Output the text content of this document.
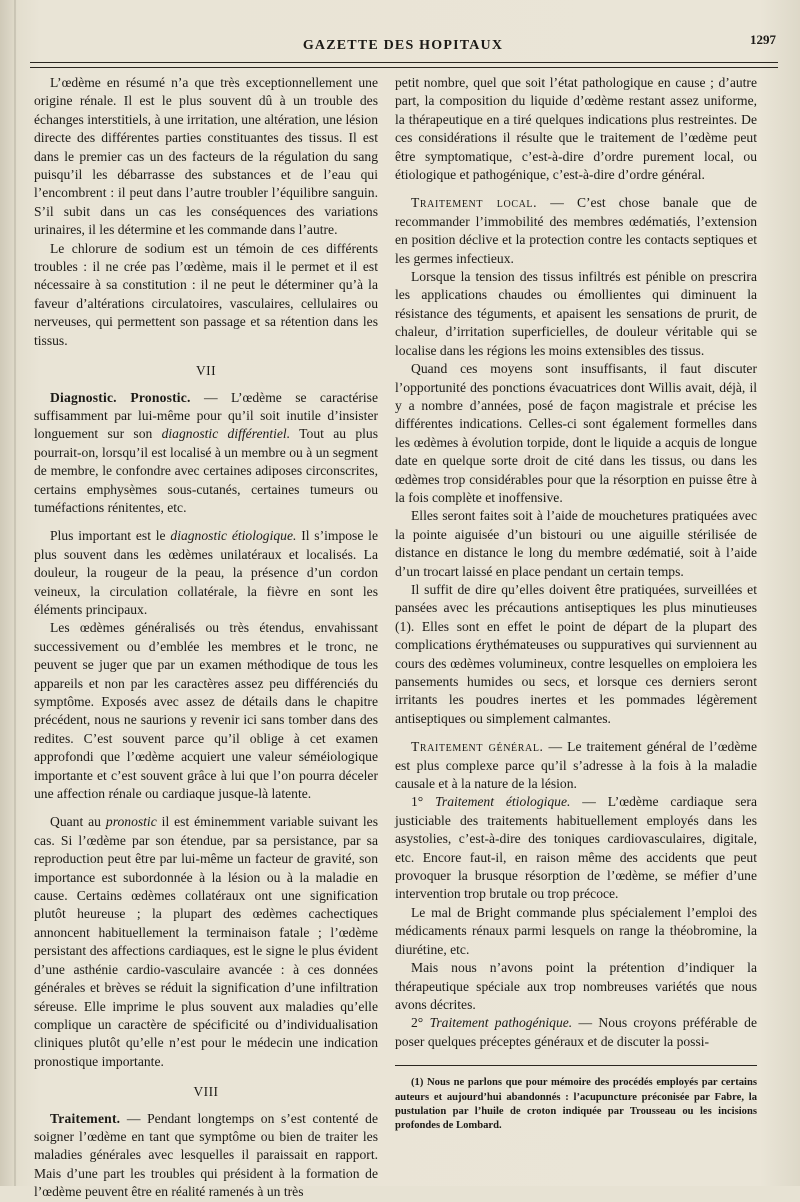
GAZETTE DES HOPITAUX	1297

L’œdème en résumé n’a que très exceptionnellement une origine rénale. Il est le plus souvent dû à un trouble des échanges interstitiels, à une irritation, une altération, une lésion directe des différentes parties constituantes des tissus. Il est dans le premier cas un des facteurs de la régulation du sang puisqu’il les débarrasse des substances et de l’eau qui l’encombrent : il peut dans l’autre troubler l’équilibre sanguin. S’il subit dans un cas les conséquences des variations urinaires, il les détermine et les commande dans l’autre.

Le chlorure de sodium est un témoin de ces différents troubles : il ne crée pas l’œdème, mais il le permet et il est nécessaire à sa constitution : il ne peut le déterminer qu’à la faveur d’altérations circulatoires, vasculaires, cellulaires ou nerveuses, qui permettent son passage et sa rétention dans les tissus.

VII

Diagnostic. Pronostic. — L’œdème se caractérise suffisamment par lui-même pour qu’il soit inutile d’insister longuement sur son diagnostic différentiel. Tout au plus pourrait-on, lorsqu’il est localisé à un membre ou à un segment de membre, le confondre avec certaines adiposes circonscrites, certains emphysèmes sous-cutanés, certaines tumeurs ou tuméfactions rénitentes, etc.

Plus important est le diagnostic étiologique. Il s’impose le plus souvent dans les œdèmes unilatéraux et localisés. La douleur, la rougeur de la peau, la présence d’un cordon veineux, la circulation collatérale, la fièvre en sont les éléments principaux.

Les œdèmes généralisés ou très étendus, envahissant successivement ou d’emblée les membres et le tronc, ne peuvent se juger que par un examen méthodique de tous les appareils et non par les caractères assez peu différenciés du symptôme. Exposés avec assez de détails dans le chapitre précédent, nous ne saurions y revenir ici sans tomber dans des redites. C’est souvent parce qu’il oblige à cet examen approfondi que l’œdème acquiert une valeur séméiologique importante et c’est souvent grâce à lui que l’on pourra déceler une affection rénale ou cardiaque jusque-là latente.

Quant au pronostic il est éminemment variable suivant les cas. Si l’œdème par son étendue, par sa persistance, par sa reproduction peut être par lui-même un facteur de gravité, son importance est subordonnée à la lésion ou à la maladie en cause. Certains œdèmes collatéraux ont une signification plutôt heureuse ; la plupart des œdèmes cachectiques annoncent habituellement la terminaison fatale ; l’œdème persistant des affections cardiaques, est le signe le plus évident d’une asthénie cardio-vasculaire avancée : à ces données générales et brèves se réduit la signification d’une infiltration séreuse. Elle imprime le plus souvent aux maladies qu’elle complique un caractère de spécificité ou d’individualisation cliniques plutôt qu’elle n’est pour le médecin une indication pronostique importante.

VIII

Traitement. — Pendant longtemps on s’est contenté de soigner l’œdème en tant que symptôme ou bien de traiter les maladies générales avec lesquelles il paraissait en rapport. Mais d’une part les troubles qui président à la formation de l’œdème peuvent être en réalité ramenés à un très

petit nombre, quel que soit l’état pathologique en cause ; d’autre part, la composition du liquide d’œdème restant assez uniforme, la thérapeutique en a tiré quelques indications plus restreintes. De ces considérations il résulte que le traitement de l’œdème peut être symptomatique, c’est-à-dire d’ordre purement local, ou étiologique et pathogénique, c’est-à-dire d’ordre général.

Traitement local. — C’est chose banale que de recommander l’immobilité des membres œdématiés, l’extension en position déclive et la protection contre les contacts septiques et les germes infectieux.

Lorsque la tension des tissus infiltrés est pénible on prescrira les applications chaudes ou émollientes qui diminuent la résistance des téguments, et apaisent les sensations de prurit, de chaleur, d’irritation superficielles, de douleur véritable qui se localise dans les régions les moins extensibles des tissus.

Quand ces moyens sont insuffisants, il faut discuter l’opportunité des ponctions évacuatrices dont Willis avait, déjà, il y a nombre d’années, posé de façon magistrale et précise les différentes indications. Celles-ci sont également formelles dans les œdèmes à évolution torpide, dont le liquide a acquis de longue date en quelque sorte droit de cité dans les tissus, ou dans les œdèmes trop considérables pour que la résorption en puisse être à la fois complète et inoffensive.

Elles seront faites soit à l’aide de mouchetures pratiquées avec la pointe aiguisée d’un bistouri ou une aiguille stérilisée de distance en distance le long du membre œdématié, soit à l’aide d’un trocart laissé en place pendant un certain temps.

Il suffit de dire qu’elles doivent être pratiquées, surveillées et pansées avec les précautions antiseptiques les plus minutieuses (1). Elles sont en effet le point de départ de la plupart des complications érythémateuses ou suppuratives qui surviennent au cours des œdèmes volumineux, contre lesquelles on emploiera les pansements humides ou secs, et lorsque ces derniers seront irritants les poudres inertes et les pommades légèrement antiseptiques ou simplement calmantes.

Traitement général. — Le traitement général de l’œdème est plus complexe parce qu’il s’adresse à la fois à la maladie causale et à la nature de la lésion.

1° Traitement étiologique. — L’œdème cardiaque sera justiciable des traitements habituellement employés dans les asystolies, c’est-à-dire des toniques cardiovasculaires, digitale, etc. Encore faut-il, en raison même des accidents que peut provoquer la brusque résorption de l’œdème, se méfier d’une intervention trop brutale ou trop précoce.

Le mal de Bright commande plus spécialement l’emploi des médicaments rénaux parmi lesquels on range la théobromine, la diurétine, etc.

Mais nous n’avons point la prétention d’indiquer la thérapeutique spéciale aux trop nombreuses variétés que nous avons décrites.

2° Traitement pathogénique. — Nous croyons préférable de poser quelques préceptes généraux et de discuter la possi-

(1) Nous ne parlons que pour mémoire des procédés employés par certains auteurs et aujourd’hui abandonnés : l’acupuncture préconisée par Fabre, la pustulation par l’huile de croton indiquée par Trousseau ou les incisions profondes de Lombard.
